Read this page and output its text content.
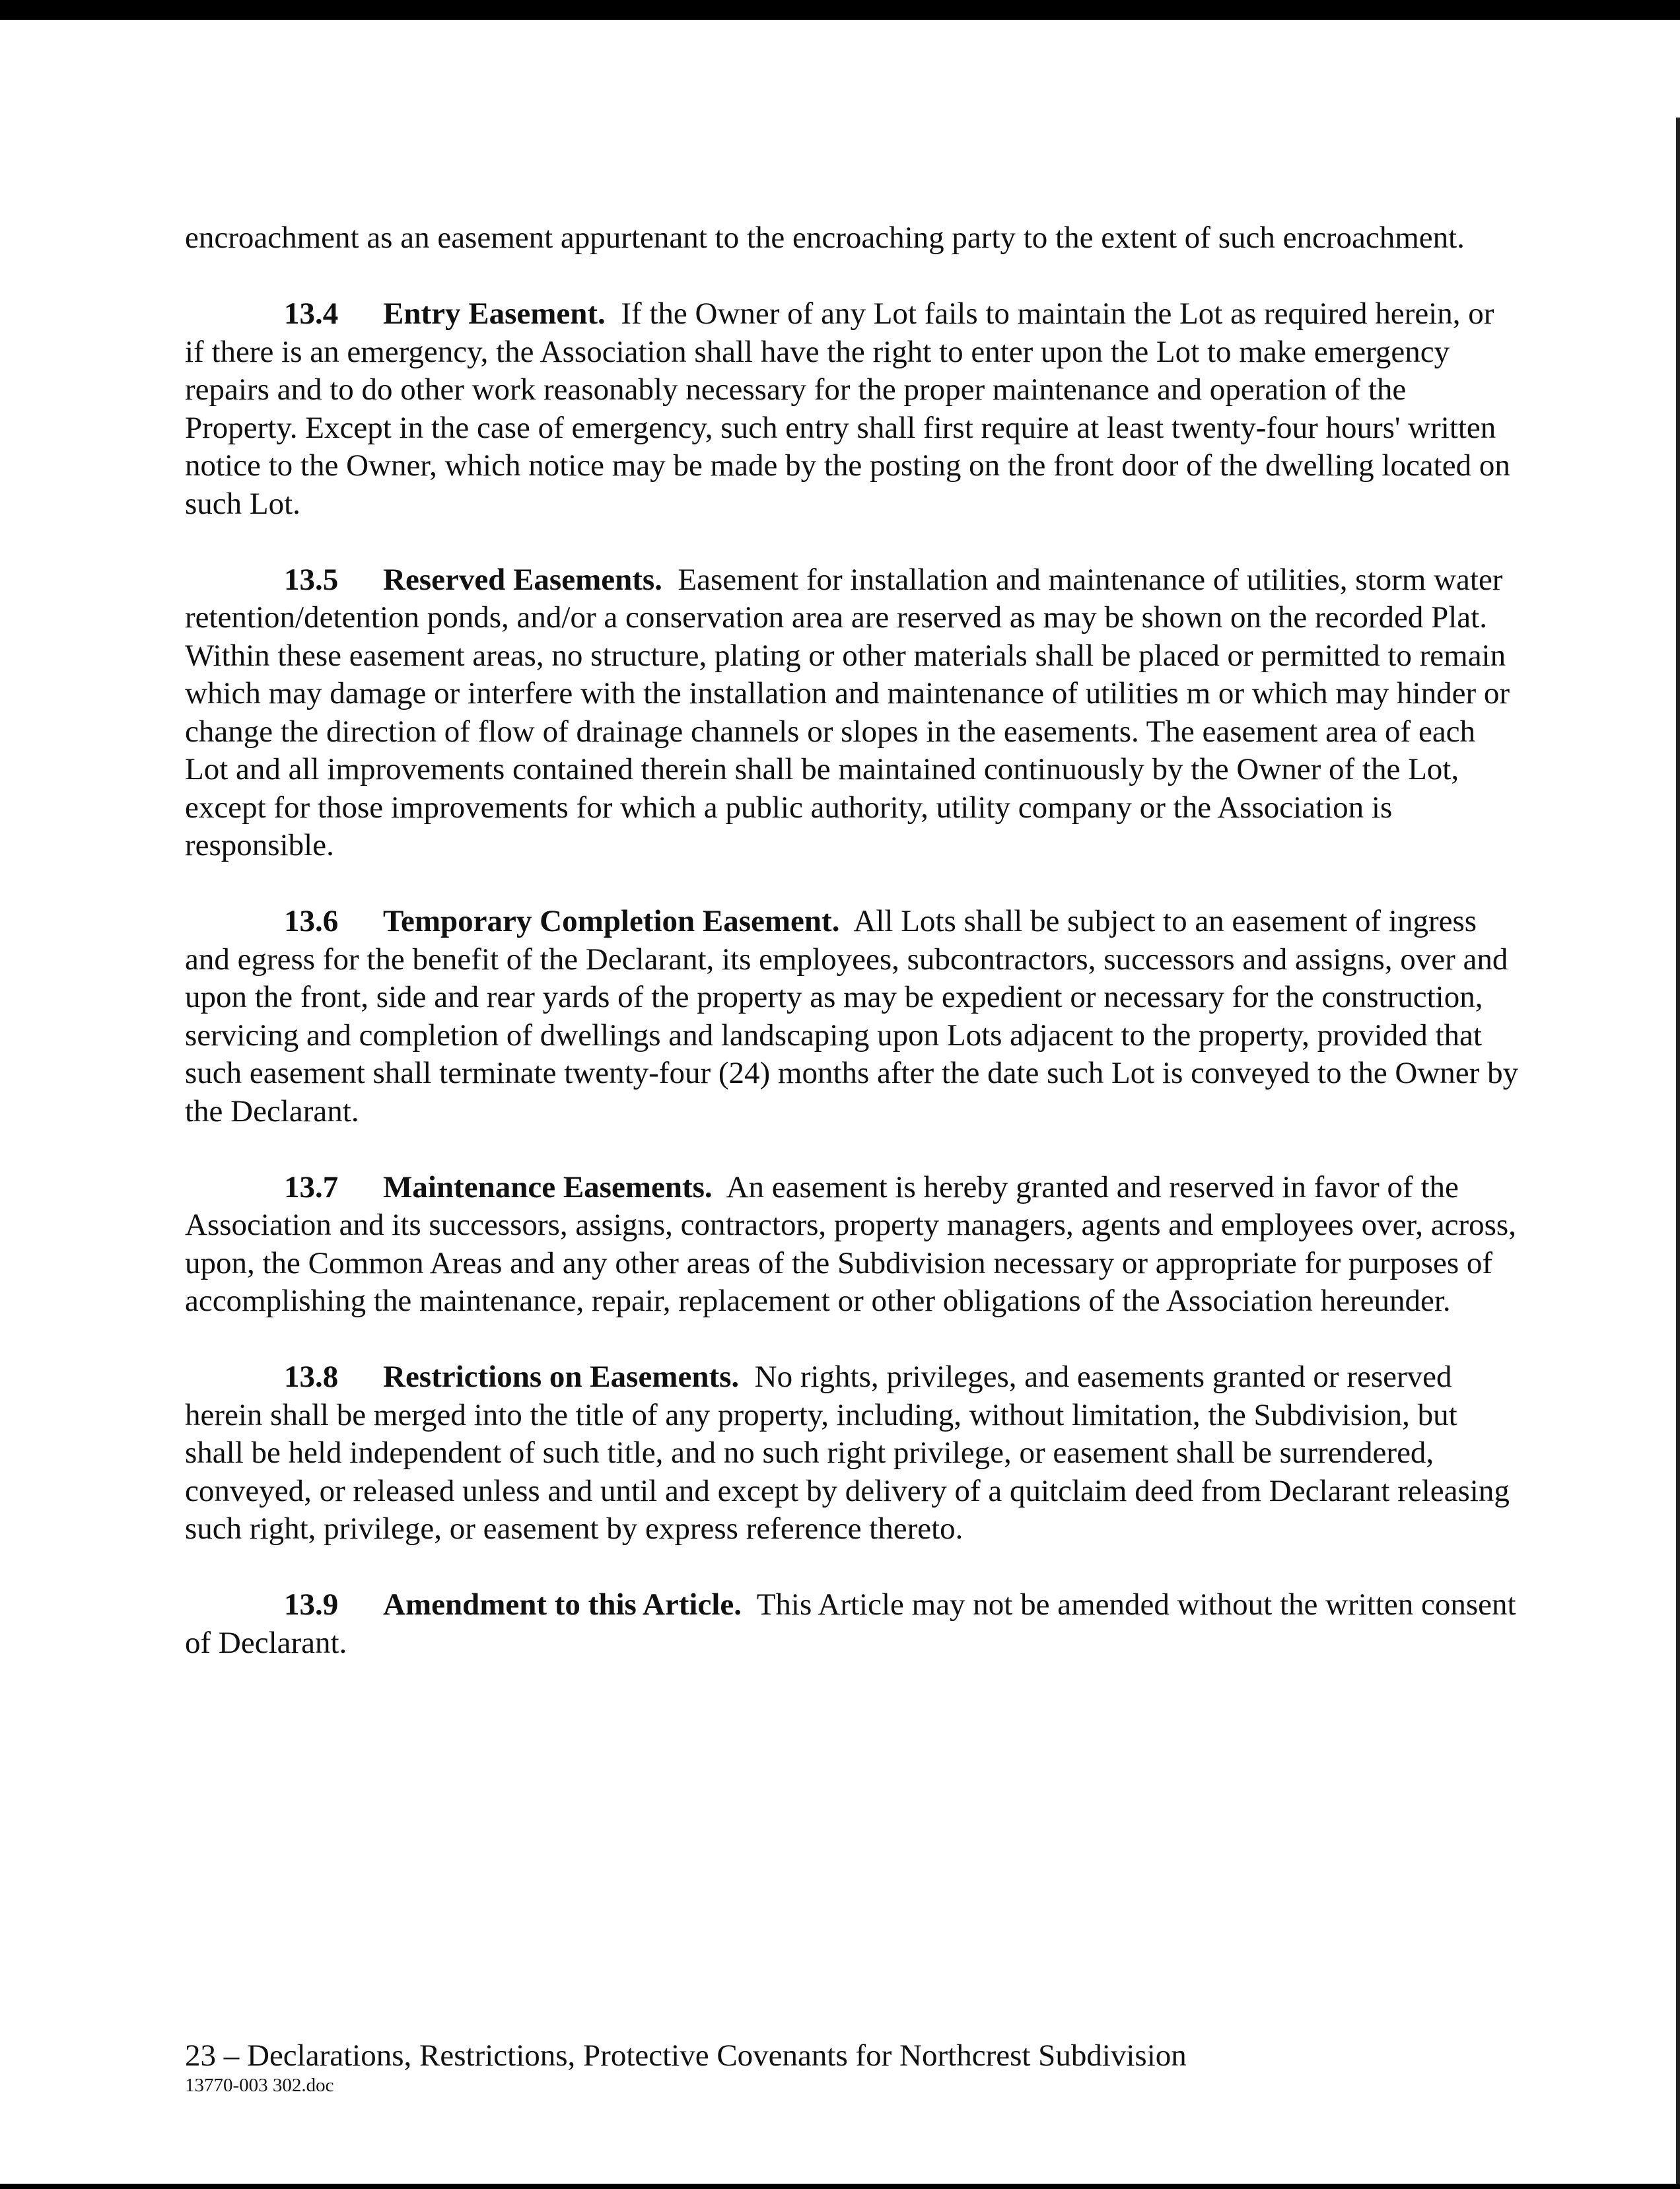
encroachment as an easement appurtenant to the encroaching party to the extent of such encroachment.

13.4 Entry Easement. If the Owner of any Lot fails to maintain the Lot as required herein, or if there is an emergency, the Association shall have the right to enter upon the Lot to make emergency repairs and to do other work reasonably necessary for the proper maintenance and operation of the Property. Except in the case of emergency, such entry shall first require at least twenty-four hours' written notice to the Owner, which notice may be made by the posting on the front door of the dwelling located on such Lot.

13.5 Reserved Easements. Easement for installation and maintenance of utilities, storm water retention/detention ponds, and/or a conservation area are reserved as may be shown on the recorded Plat. Within these easement areas, no structure, plating or other materials shall be placed or permitted to remain which may damage or interfere with the installation and maintenance of utilities m or which may hinder or change the direction of flow of drainage channels or slopes in the easements. The easement area of each Lot and all improvements contained therein shall be maintained continuously by the Owner of the Lot, except for those improvements for which a public authority, utility company or the Association is responsible.

13.6 Temporary Completion Easement. All Lots shall be subject to an easement of ingress and egress for the benefit of the Declarant, its employees, subcontractors, successors and assigns, over and upon the front, side and rear yards of the property as may be expedient or necessary for the construction, servicing and completion of dwellings and landscaping upon Lots adjacent to the property, provided that such easement shall terminate twenty-four (24) months after the date such Lot is conveyed to the Owner by the Declarant.

13.7 Maintenance Easements. An easement is hereby granted and reserved in favor of the Association and its successors, assigns, contractors, property managers, agents and employees over, across, upon, the Common Areas and any other areas of the Subdivision necessary or appropriate for purposes of accomplishing the maintenance, repair, replacement or other obligations of the Association hereunder.

13.8 Restrictions on Easements. No rights, privileges, and easements granted or reserved herein shall be merged into the title of any property, including, without limitation, the Subdivision, but shall be held independent of such title, and no such right privilege, or easement shall be surrendered, conveyed, or released unless and until and except by delivery of a quitclaim deed from Declarant releasing such right, privilege, or easement by express reference thereto.

13.9 Amendment to this Article. This Article may not be amended without the written consent of Declarant.

23 – Declarations, Restrictions, Protective Covenants for Northcrest Subdivision
13770-003 302.doc
